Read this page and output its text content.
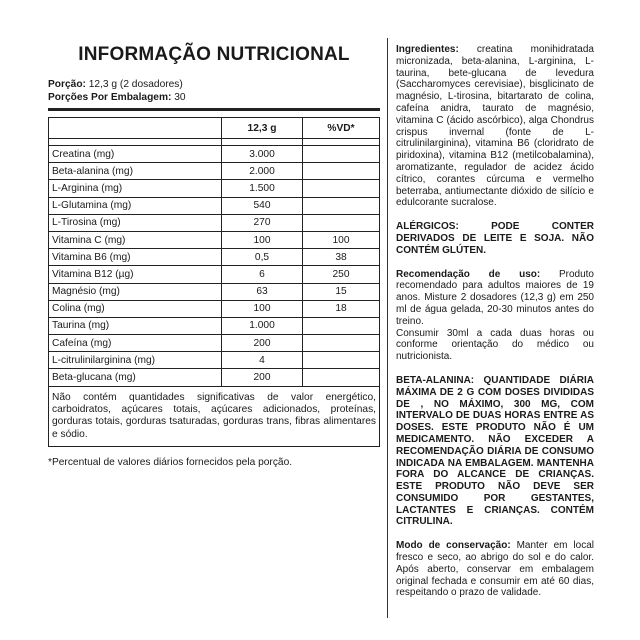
INFORMAÇÃO NUTRICIONAL
Porção: 12,3 g (2 dosadores)
Porções Por Embalagem: 30
	12,3 g	%VD*

Creatina (mg)	3.000	
Beta-alanina (mg)	2.000	
L-Arginina (mg)	1.500	
L-Glutamina (mg)	540	
L-Tirosina (mg)	270	
Vitamina C (mg)	100	100
Vitamina B6 (mg)	0,5	38
Vitamina B12 (µg)	6	250
Magnésio (mg)	63	15
Colina (mg)	100	18
Taurina (mg)	1.000	
Cafeína (mg)	200	
L-citrulinilarginina (mg)	4	
Beta-glucana (mg)	200	
Não contém quantidades significativas de valor energético, carboidratos, açúcares totais, açúcares adicionados, proteínas, gorduras totais, gorduras tsaturadas, gorduras trans, fibras alimentares e sódio.		
*Percentual de valores diários fornecidos pela porção.

Ingredientes: creatina monihidratada micronizada, beta-alanina, L-arginina, L-taurina, bete-glucana de levedura (Saccharomyces cerevisiae), bisglicinato de magnésio, L-tirosina, bitartarato de colina, cafeína anidra, taurato de magnésio, vitamina C (ácido ascórbico), alga Chondrus crispus invernal (fonte de L-citrulinilarginina), vitamina B6 (cloridrato de piridoxina), vitamina B12 (metilcobalamina), aromatizante, regulador de acidez ácido cítrico, corantes cúrcuma e vermelho beterraba, antiumectante dióxido de silício e edulcorante sucralose.

ALÉRGICOS: PODE CONTER DERIVADOS DE LEITE E SOJA. NÃO CONTÉM GLÚTEN.

Recomendação de uso: Produto recomendado para adultos maiores de 19 anos. Misture 2 dosadores (12,3 g) em 250 ml de água gelada, 20-30 minutos antes do treino.
Consumir 30ml a cada duas horas ou conforme orientação do médico ou nutricionista.

BETA-ALANINA: QUANTIDADE DIÁRIA MÁXIMA DE 2 G COM DOSES DIVIDIDAS DE , NO MÁXIMO, 300 MG, COM INTERVALO DE DUAS HORAS ENTRE AS DOSES. ESTE PRODUTO NÃO É UM MEDICAMENTO. NÃO EXCEDER A RECOMENDAÇÃO DIÁRIA DE CONSUMO INDICADA NA EMBALAGEM. MANTENHA FORA DO ALCANCE DE CRIANÇAS. ESTE PRODUTO NÃO DEVE SER CONSUMIDO POR GESTANTES, LACTANTES E CRIANÇAS. CONTÉM CITRULINA.

Modo de conservação: Manter em local fresco e seco, ao abrigo do sol e do calor. Após aberto, conservar em embalagem original fechada e consumir em até 60 dias, respeitando o prazo de validade.
